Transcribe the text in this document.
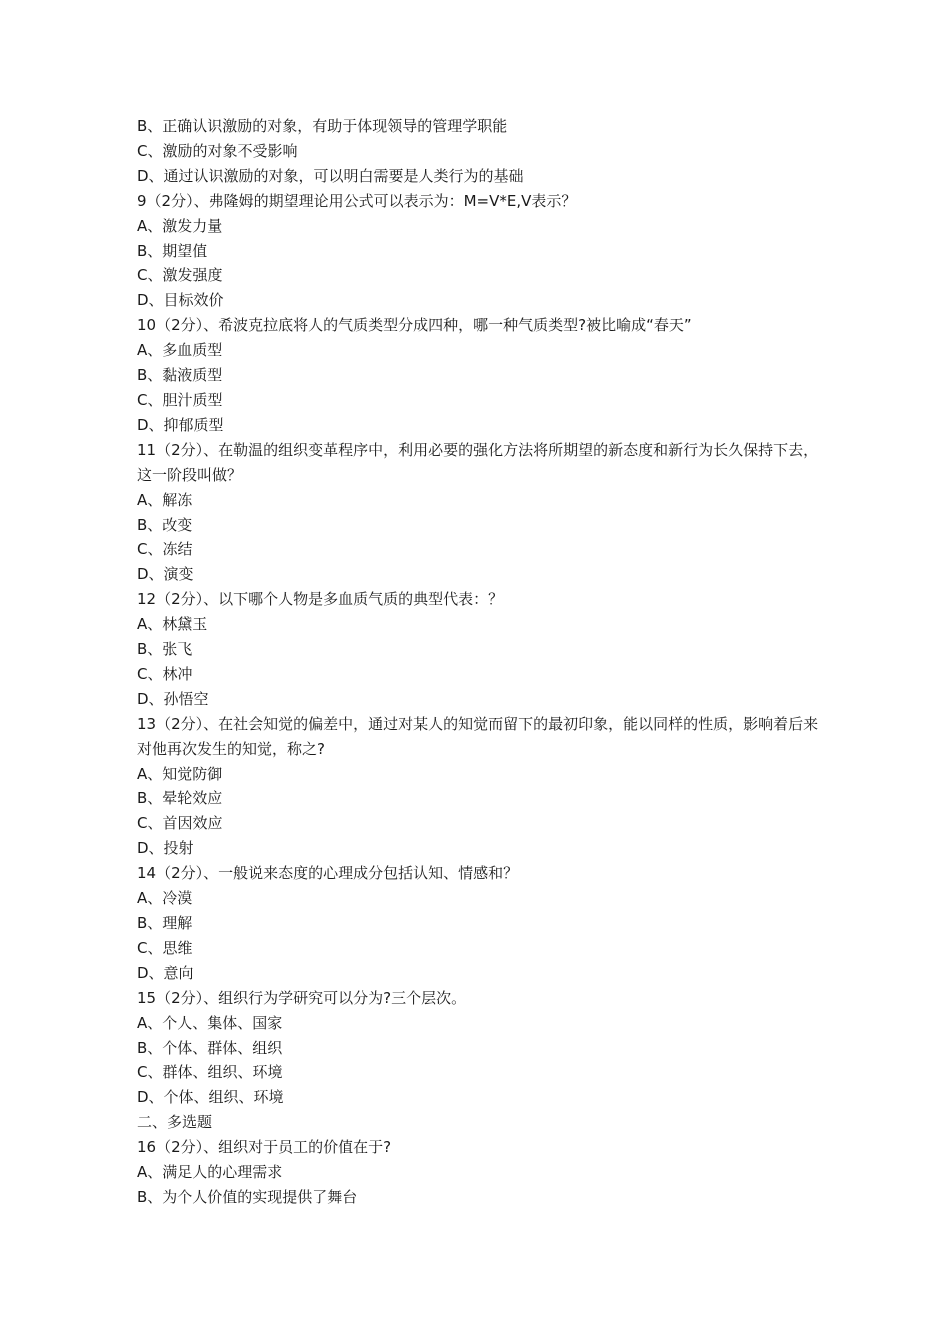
B、正确认识激励的对象，有助于体现领导的管理学职能
C、激励的对象不受影响
D、通过认识激励的对象，可以明白需要是人类行为的基础
9（2分）、弗隆姆的期望理论用公式可以表示为：M=V*E,V表示？
A、激发力量
B、期望值
C、激发强度
D、目标效价
10（2分）、希波克拉底将人的气质类型分成四种，哪一种气质类型?被比喻成“春天”
A、多血质型
B、黏液质型
C、胆汁质型
D、抑郁质型
11（2分）、在勒温的组织变革程序中，利用必要的强化方法将所期望的新态度和新行为长久保持下去，这一阶段叫做？
A、解冻
B、改变
C、冻结
D、演变
12（2分）、以下哪个人物是多血质气质的典型代表：？
A、林黛玉
B、张飞
C、林冲
D、孙悟空
13（2分）、在社会知觉的偏差中，通过对某人的知觉而留下的最初印象，能以同样的性质，影响着后来对他再次发生的知觉，称之?
A、知觉防御
B、晕轮效应
C、首因效应
D、投射
14（2分）、一般说来态度的心理成分包括认知、情感和？
A、冷漠
B、理解
C、思维
D、意向
15（2分）、组织行为学研究可以分为?三个层次。
A、个人、集体、国家
B、个体、群体、组织
C、群体、组织、环境
D、个体、组织、环境
二、多选题
16（2分）、组织对于员工的价值在于?
A、满足人的心理需求
B、为个人价值的实现提供了舞台
